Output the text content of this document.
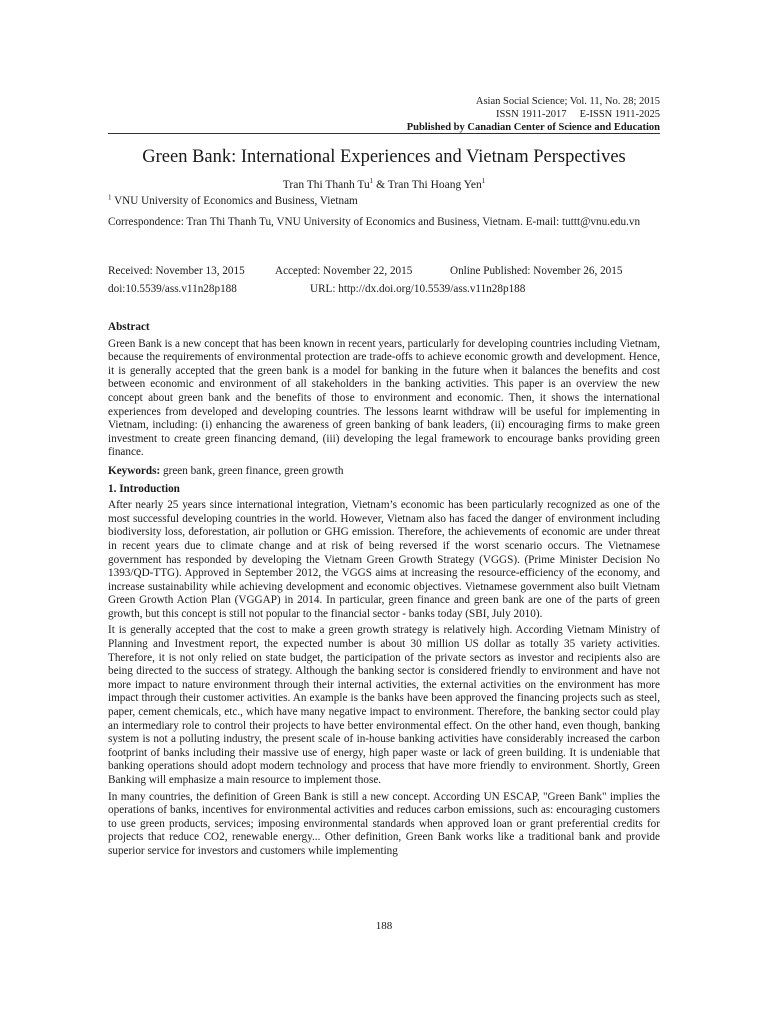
Asian Social Science; Vol. 11, No. 28; 2015
ISSN 1911-2017     E-ISSN 1911-2025
Published by Canadian Center of Science and Education
Green Bank: International Experiences and Vietnam Perspectives
Tran Thi Thanh Tu$^1$ & Tran Thi Hoang Yen$^1$
$^1$ VNU University of Economics and Business, Vietnam
Correspondence: Tran Thi Thanh Tu, VNU University of Economics and Business, Vietnam. E-mail: tuttt@vnu.edu.vn
Received: November 13, 2015	Accepted: November 22, 2015	Online Published: November 26, 2015
doi:10.5539/ass.v11n28p188	URL: http://dx.doi.org/10.5539/ass.v11n28p188
Abstract

Green Bank is a new concept that has been known in recent years, particularly for developing countries including Vietnam, because the requirements of environmental protection are trade-offs to achieve economic growth and development. Hence, it is generally accepted that the green bank is a model for banking in the future when it balances the benefits and cost between economic and environment of all stakeholders in the banking activities. This paper is an overview the new concept about green bank and the benefits of those to environment and economic. Then, it shows the international experiences from developed and developing countries. The lessons learnt withdraw will be useful for implementing in Vietnam, including: (i) enhancing the awareness of green banking of bank leaders, (ii) encouraging firms to make green investment to create green financing demand, (iii) developing the legal framework to encourage banks providing green finance.

Keywords: green bank, green finance, green growth

1. Introduction

After nearly 25 years since international integration, Vietnam’s economic has been particularly recognized as one of the most successful developing countries in the world. However, Vietnam also has faced the danger of environment including biodiversity loss, deforestation, air pollution or GHG emission. Therefore, the achievements of economic are under threat in recent years due to climate change and at risk of being reversed if the worst scenario occurs. The Vietnamese government has responded by developing the Vietnam Green Growth Strategy (VGGS). (Prime Minister Decision No 1393/QD-TTG). Approved in September 2012, the VGGS aims at increasing the resource-efficiency of the economy, and increase sustainability while achieving development and economic objectives. Vietnamese government also built Vietnam Green Growth Action Plan (VGGAP) in 2014. In particular, green finance and green bank are one of the parts of green growth, but this concept is still not popular to the financial sector - banks today (SBI, July 2010).

It is generally accepted that the cost to make a green growth strategy is relatively high. According Vietnam Ministry of Planning and Investment report, the expected number is about 30 million US dollar as totally 35 variety activities. Therefore, it is not only relied on state budget, the participation of the private sectors as investor and recipients also are being directed to the success of strategy. Although the banking sector is considered friendly to environment and have not more impact to nature environment through their internal activities, the external activities on the environment has more impact through their customer activities. An example is the banks have been approved the financing projects such as steel, paper, cement chemicals, etc., which have many negative impact to environment. Therefore, the banking sector could play an intermediary role to control their projects to have better environmental effect. On the other hand, even though, banking system is not a polluting industry, the present scale of in-house banking activities have considerably increased the carbon footprint of banks including their massive use of energy, high paper waste or lack of green building. It is undeniable that banking operations should adopt modern technology and process that have more friendly to environment. Shortly, Green Banking will emphasize a main resource to implement those.

In many countries, the definition of Green Bank is still a new concept. According UN ESCAP, "Green Bank" implies the operations of banks, incentives for environmental activities and reduces carbon emissions, such as: encouraging customers to use green products, services; imposing environmental standards when approved loan or grant preferential credits for projects that reduce CO2, renewable energy... Other definition, Green Bank works like a traditional bank and provide superior service for investors and customers while implementing

188
